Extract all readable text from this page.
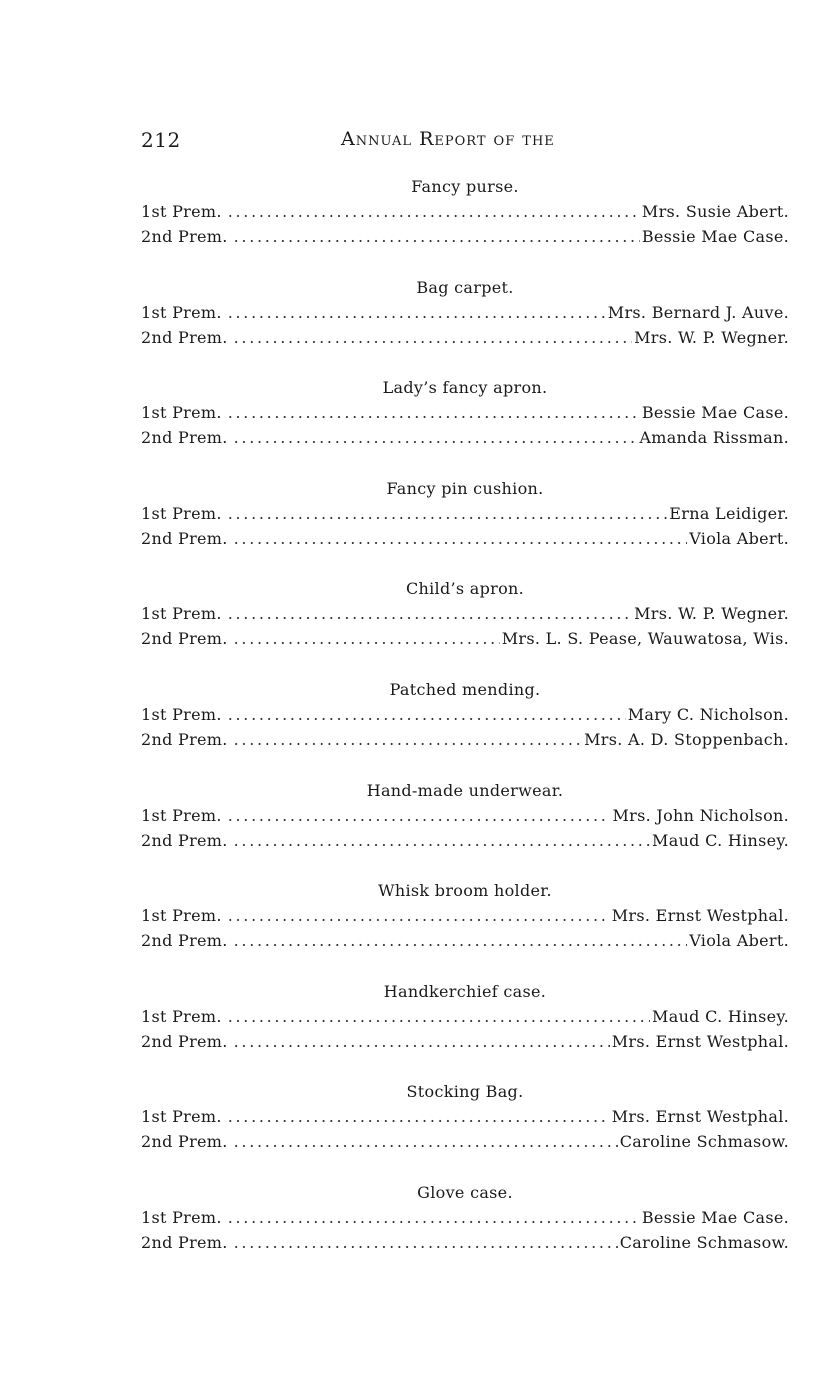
212	Annual Report of the
Fancy purse.
1st Prem. . . .	Mrs. Susie Abert.
2nd Prem. . . .	Bessie Mae Case.
Bag carpet.
1st Prem. . . .	Mrs. Bernard J. Auve.
2nd Prem. . . .	Mrs. W. P. Wegner.
Lady’s fancy apron.
1st Prem. . . .	Bessie Mae Case.
2nd Prem. . . .	Amanda Rissman.
Fancy pin cushion.
1st Prem. . . .	Erna Leidiger.
2nd Prem. . . .	Viola Abert.
Child’s apron.
1st Prem. . . .	Mrs. W. P. Wegner.
2nd Prem. . . .	Mrs. L. S. Pease, Wauwatosa, Wis.
Patched mending.
1st Prem. . . .	Mary C. Nicholson.
2nd Prem. . . .	Mrs. A. D. Stoppenbach.
Hand-made underwear.
1st Prem. . . .	Mrs. John Nicholson.
2nd Prem. . . .	Maud C. Hinsey.
Whisk broom holder.
1st Prem. . . .	Mrs. Ernst Westphal.
2nd Prem. . . .	Viola Abert.
Handkerchief case.
1st Prem. . . .	Maud C. Hinsey.
2nd Prem. . . .	Mrs. Ernst Westphal.
Stocking Bag.
1st Prem. . . .	Mrs. Ernst Westphal.
2nd Prem. . . .	Caroline Schmasow.
Glove case.
1st Prem. . . .	Bessie Mae Case.
2nd Prem. . . .	Caroline Schmasow.
